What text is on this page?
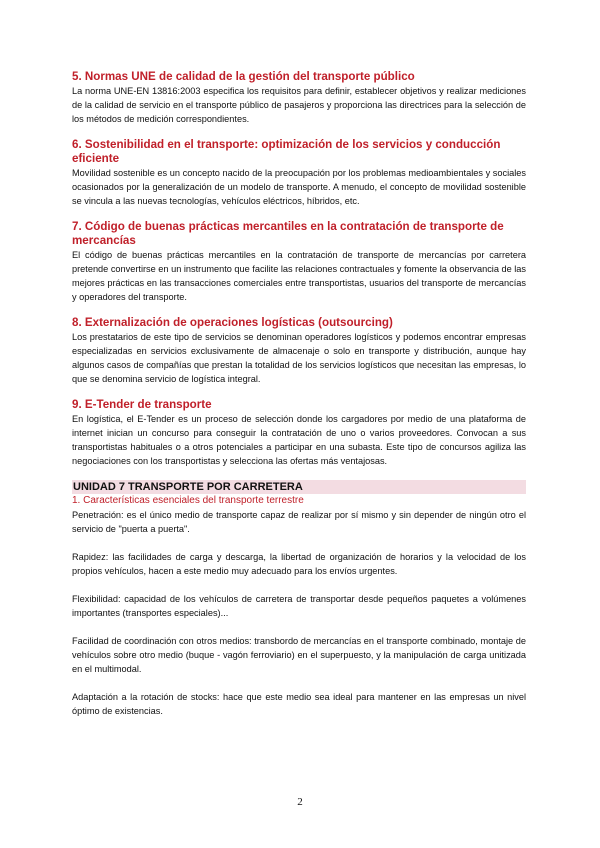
5. Normas UNE de calidad de la gestión del transporte público

La norma UNE-EN 13816:2003 especifica los requisitos para definir, establecer objetivos y realizar mediciones de la calidad de servicio en el transporte público de pasajeros y proporciona las directrices para la selección de los métodos de medición correspondientes.

6. Sostenibilidad en el transporte: optimización de los servicios y conducción eficiente

Movilidad sostenible es un concepto nacido de la preocupación por los problemas medioambientales y sociales ocasionados por la generalización de un modelo de transporte. A menudo, el concepto de movilidad sostenible se vincula a las nuevas tecnologías, vehículos eléctricos, híbridos, etc.

7. Código de buenas prácticas mercantiles en la contratación de transporte de mercancías

El código de buenas prácticas mercantiles en la contratación de transporte de mercancías por carretera pretende convertirse en un instrumento que facilite las relaciones contractuales y fomente la observancia de las mejores prácticas en las transacciones comerciales entre transportistas, usuarios del transporte de mercancías y operadores del transporte.

8. Externalización de operaciones logísticas (outsourcing)

Los prestatarios de este tipo de servicios se denominan operadores logísticos y podemos encontrar empresas especializadas en servicios exclusivamente de almacenaje o solo en transporte y distribución, aunque hay algunos casos de compañías que prestan la totalidad de los servicios logísticos que necesitan las empresas, lo que se denomina servicio de logística integral.

9. E-Tender de transporte

En logística, el E-Tender es un proceso de selección donde los cargadores por medio de una plataforma de internet inician un concurso para conseguir la contratación de uno o varios proveedores. Convocan a sus transportistas habituales o a otros potenciales a participar en una subasta. Este tipo de concursos agiliza las negociaciones con los transportistas y selecciona las ofertas más ventajosas.

UNIDAD 7 TRANSPORTE POR CARRETERA

1. Características esenciales del transporte terrestre

Penetración: es el único medio de transporte capaz de realizar por sí mismo y sin depender de ningún otro el servicio de "puerta a puerta".

Rapidez: las facilidades de carga y descarga, la libertad de organización de horarios y la velocidad de los propios vehículos, hacen a este medio muy adecuado para los envíos urgentes.

Flexibilidad: capacidad de los vehículos de carretera de transportar desde pequeños paquetes a volúmenes importantes (transportes especiales)...

Facilidad de coordinación con otros medios: transbordo de mercancías en el transporte combinado, montaje de vehículos sobre otro medio (buque - vagón ferroviario) en el superpuesto, y la manipulación de carga unitizada en el multimodal.

Adaptación a la rotación de stocks: hace que este medio sea ideal para mantener en las empresas un nivel óptimo de existencias.

2
